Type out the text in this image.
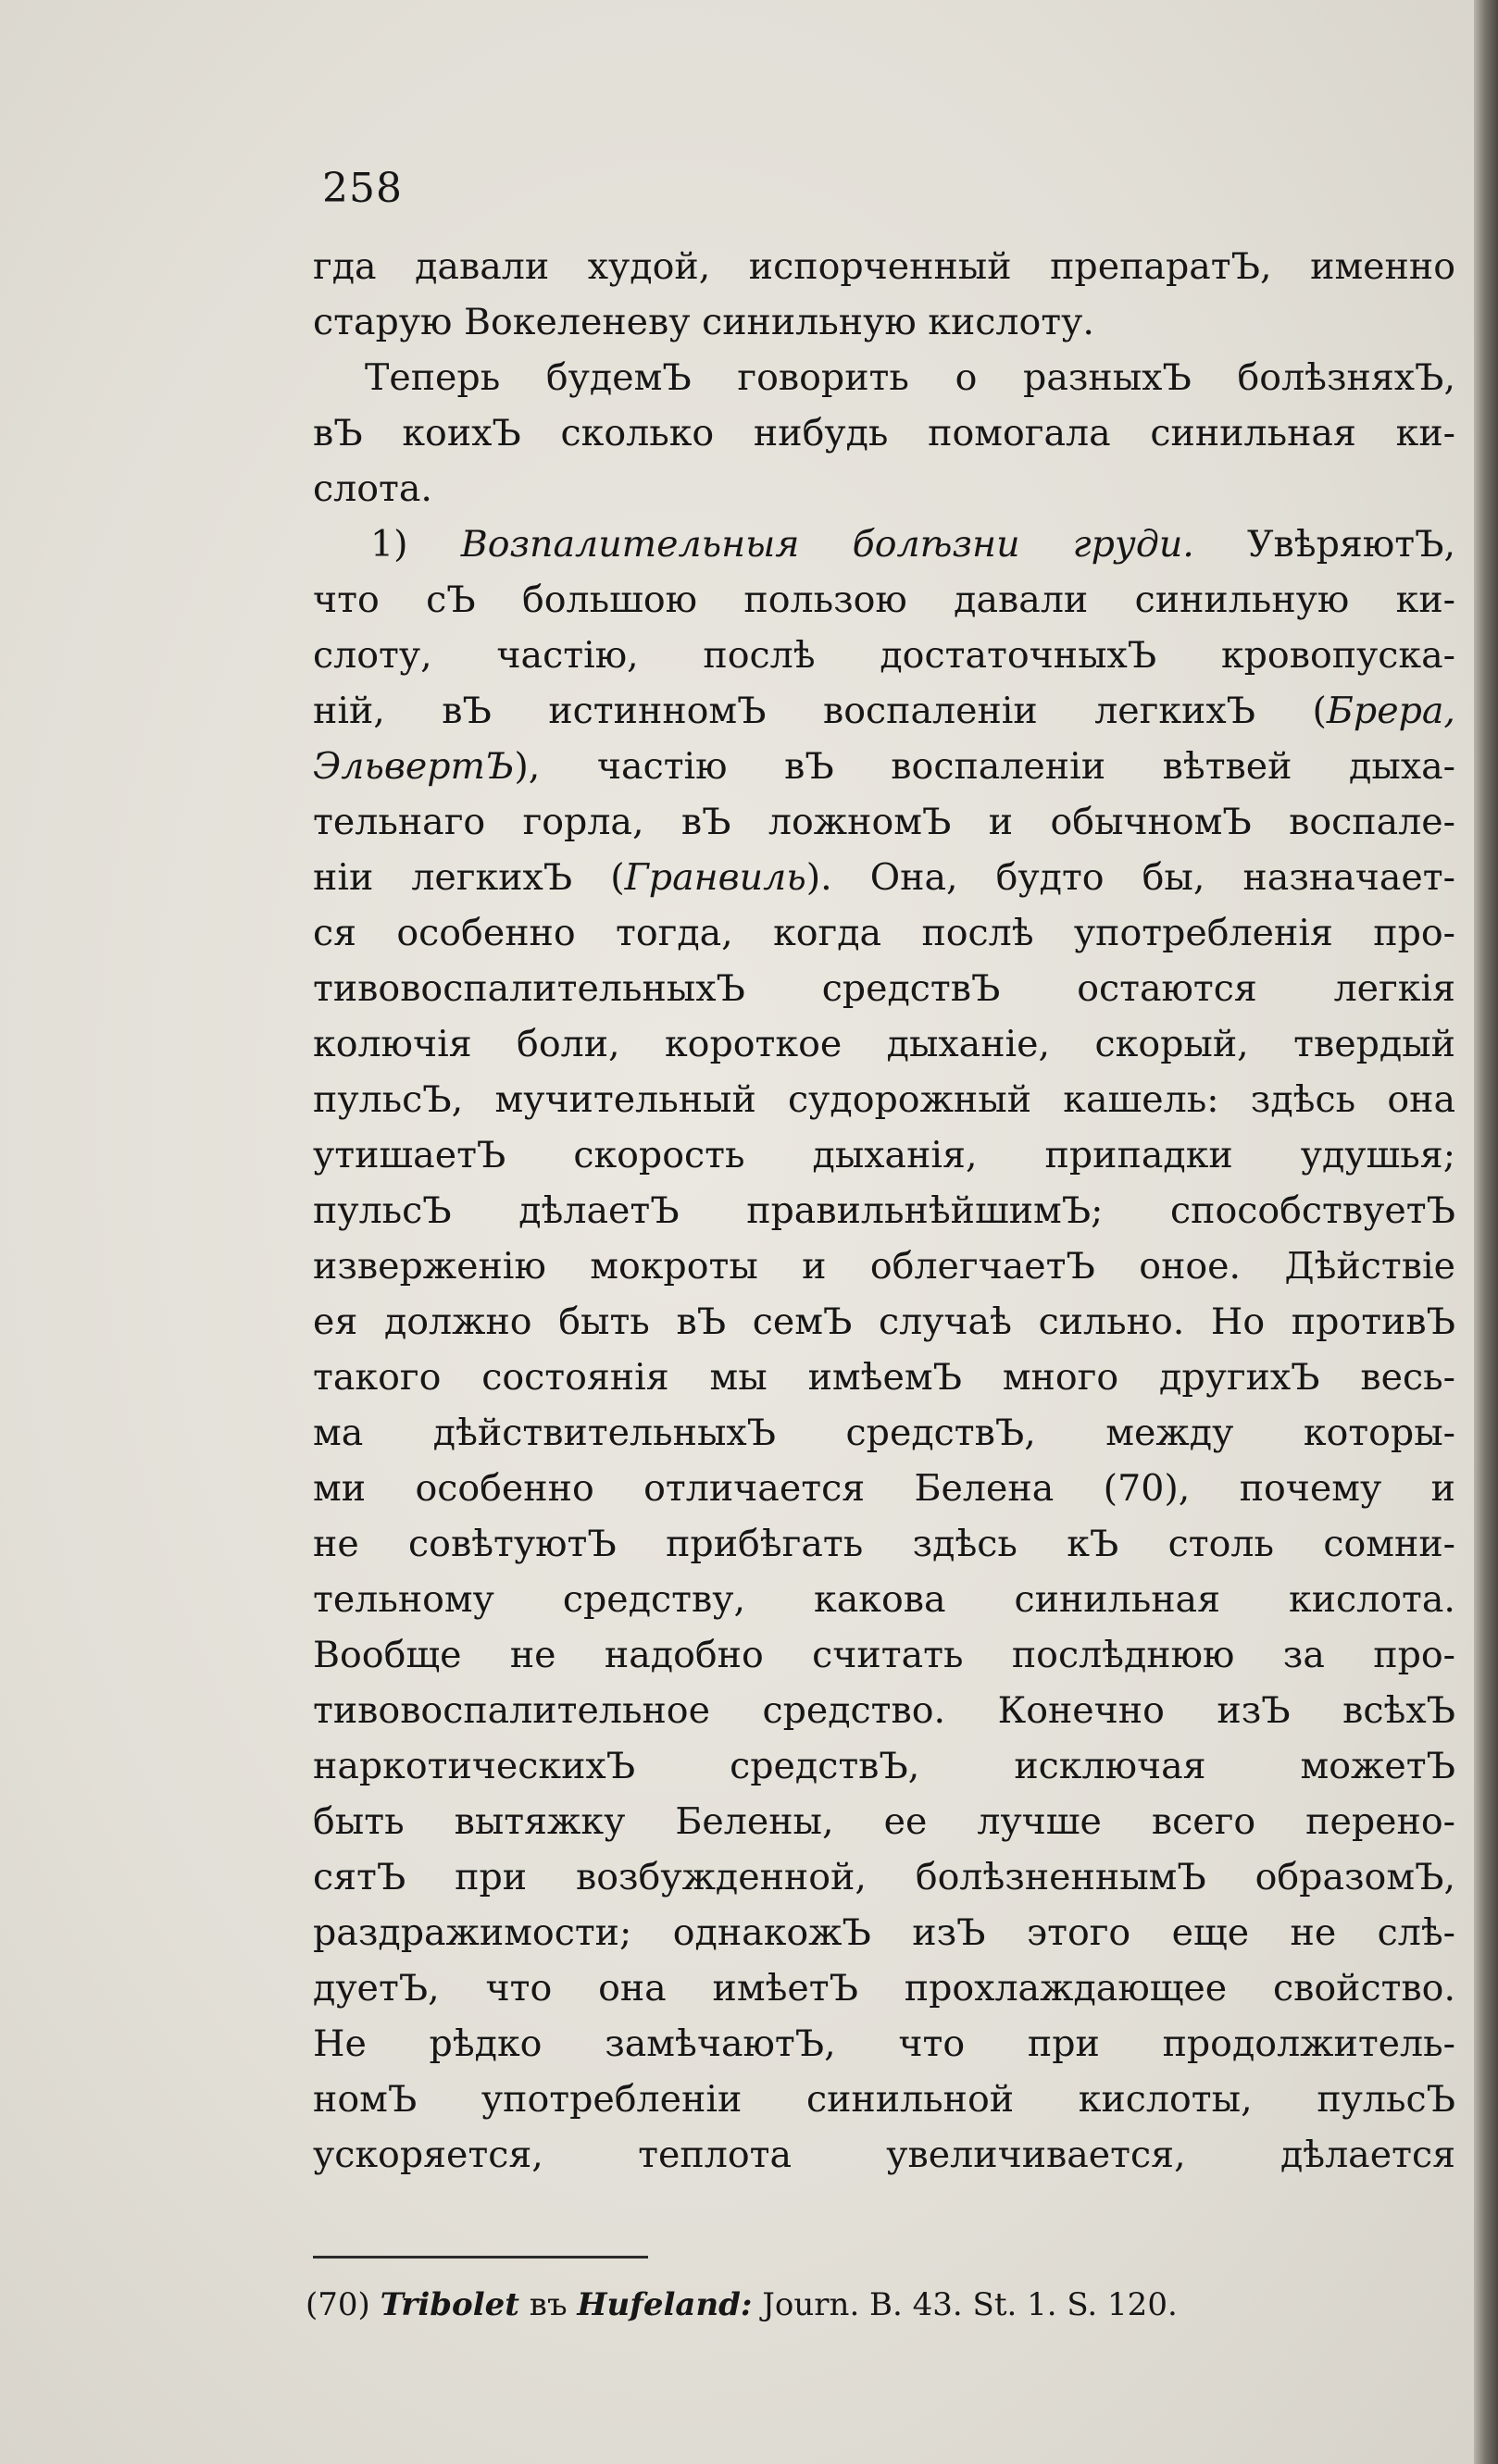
258
гда давали худой, испорченный препаратЪ, именно
старую Вокеленеву синильную кислоту.
Теперь будемЪ говорить о разныхЪ болѣзняхЪ,
вЪ коихЪ сколько нибудь помогала синильная ки-
слота.
1) Возпалительныя болѣзни груди. УвѣряютЪ,
что сЪ большою пользою давали синильную ки-
слоту, частію, послѣ достаточныхЪ кровопуска-
ній, вЪ истинномЪ воспаленіи легкихЪ (Брера,
ЭльвертЪ), частію вЪ воспаленіи вѣтвей дыха-
тельнаго горла, вЪ ложномЪ и обычномЪ воспале-
ніи легкихЪ (Гранвиль). Она, будто бы, назначает-
ся особенно тогда, когда послѣ употребленія про-
тивовоспалительныхЪ средствЪ остаются легкія
колючія боли, короткое дыханіе, скорый, твердый
пульсЪ, мучительный судорожный кашель: здѣсь она
утишаетЪ скорость дыханія, припадки удушья;
пульсЪ дѣлаетЪ правильнѣйшимЪ; способствуетЪ
изверженію мокроты и облегчаетЪ оное. Дѣйствіе
ея должно быть вЪ семЪ случаѣ сильно. Но противЪ
такого состоянія мы имѣемЪ много другихЪ весь-
ма дѣйствительныхЪ средствЪ, между которы-
ми особенно отличается Белена (70), почему и
не совѣтуютЪ прибѣгать здѣсь кЪ столь сомни-
тельному средству, какова синильная кислота.
Вообще не надобно считать послѣднюю за про-
тивовоспалительное средство. Конечно изЪ всѣхЪ
наркотическихЪ средствЪ, исключая можетЪ
быть вытяжку Белены, ее лучше всего перено-
сятЪ при возбужденной, болѣзненнымЪ образомЪ,
раздражимости; однакожЪ изЪ этого еще не слѣ-
дуетЪ, что она имѣетЪ прохлаждающее свойство.
Не рѣдко замѣчаютЪ, что при продолжитель-
номЪ употребленіи синильной кислоты, пульсЪ
ускоряется, теплота увеличивается, дѣлается
(70) Tribolet въ Hufeland: Journ. B. 43. St. 1. S. 120.
